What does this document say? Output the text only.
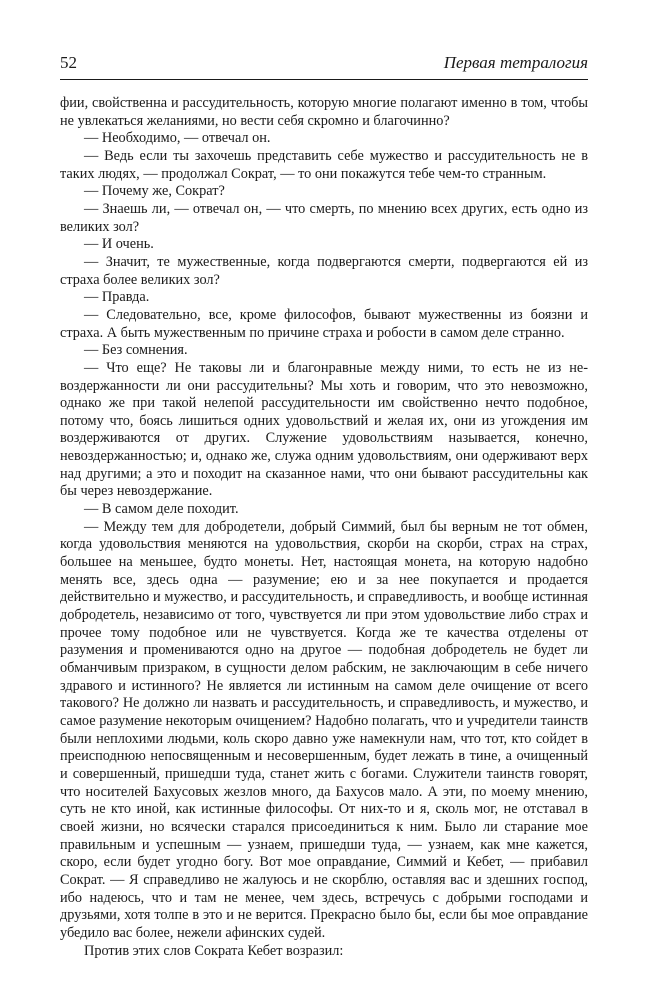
52	Первая тетралогия

фии, свойственна и рассудительность, которую многие полагают именно в том, чтобы не увлекаться желаниями, но вести себя скромно и благочинно?

— Необходимо, — отвечал он.

— Ведь если ты захочешь представить себе мужество и рассудительность не в таких людях, — продолжал Сократ, — то они покажутся тебе чем-то странным.

— Почему же, Сократ?

— Знаешь ли, — отвечал он, — что смерть, по мнению всех других, есть одно из великих зол?

— И очень.

— Значит, те мужественные, когда подвергаются смерти, подвергаются ей из страха более великих зол?

— Правда.

— Следовательно, все, кроме философов, бывают мужественны из боязни и страха. А быть мужественным по причине страха и робости в самом деле странно.

— Без сомнения.

— Что еще? Не таковы ли и благонравные между ними, то есть не из невоздержанности ли они рассудительны? Мы хоть и говорим, что это невозможно, однако же при такой нелепой рассудительности им свойственно нечто подобное, потому что, боясь лишиться одних удовольствий и желая их, они из угождения им воздерживаются от других. Служение удовольствиям называется, конечно, невоздержанностью; и, однако же, служа одним удовольствиям, они одерживают верх над другими; а это и походит на сказанное нами, что они бывают рассудительны как бы через невоздержание.

— В самом деле походит.

— Между тем для добродетели, добрый Симмий, был бы верным не тот обмен, когда удовольствия меняются на удовольствия, скорби на скорби, страх на страх, большее на меньшее, будто монеты. Нет, настоящая монета, на которую надобно менять все, здесь одна — разумение; ею и за нее покупается и продается действительно и мужество, и рассудительность, и справедливость, и вообще истинная добродетель, независимо от того, чувствуется ли при этом удовольствие либо страх и прочее тому подобное или не чувствуется. Когда же те качества отделены от разумения и промениваются одно на другое — подобная добродетель не будет ли обманчивым призраком, в сущности делом рабским, не заключающим в себе ничего здравого и истинного? Не является ли истинным на самом деле очищение от всего такового? Не должно ли назвать и рассудительность, и справедливость, и мужество, и самое разумение некоторым очищением? Надобно полагать, что и учредители таинств были неплохими людьми, коль скоро давно уже намекнули нам, что тот, кто сойдет в преисподнюю непосвященным и несовершенным, будет лежать в тине, а очищенный и совершенный, пришедши туда, станет жить с богами. Служители таинств говорят, что носителей Бахусовых жезлов много, да Бахусов мало. А эти, по моему мнению, суть не кто иной, как истинные философы. От них-то и я, сколь мог, не отставал в своей жизни, но всячески старался присоединиться к ним. Было ли старание мое правильным и успешным — узнаем, пришедши туда, — узнаем, как мне кажется, скоро, если будет угодно богу. Вот мое оправдание, Симмий и Кебет, — прибавил Сократ. — Я справедливо не жалуюсь и не скорблю, оставляя вас и здешних господ, ибо надеюсь, что и там не менее, чем здесь, встречусь с добрыми господами и друзьями, хотя толпе в это и не верится. Прекрасно было бы, если бы мое оправдание убедило вас более, нежели афинских судей.

Против этих слов Сократа Кебет возразил:
